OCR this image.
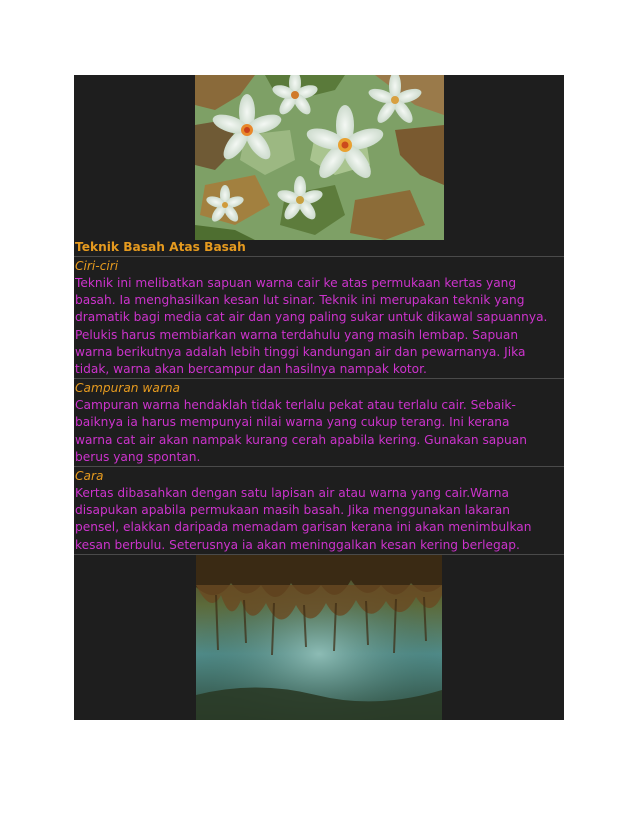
Teknik Basah Atas Basah
Ciri-ciri

Teknik ini melibatkan sapuan warna cair ke atas permukaan kertas yang
basah. Ia menghasilkan kesan lut sinar. Teknik ini merupakan teknik yang
dramatik bagi media cat air dan yang paling sukar untuk dikawal sapuannya.
Pelukis harus membiarkan warna terdahulu yang masih lembap. Sapuan
warna berikutnya adalah lebih tinggi kandungan air dan pewarnanya. Jika
tidak, warna akan bercampur dan hasilnya nampak kotor.

Campuran warna

Campuran warna hendaklah tidak terlalu pekat atau terlalu cair. Sebaik-
baiknya ia harus mempunyai nilai warna yang cukup terang. Ini kerana
warna cat air akan nampak kurang cerah apabila kering. Gunakan sapuan
berus yang spontan.

Cara

Kertas dibasahkan dengan satu lapisan air atau warna yang cair.Warna
disapukan apabila permukaan masih basah. Jika menggunakan lakaran
pensel, elakkan daripada memadam garisan kerana ini akan menimbulkan
kesan berbulu. Seterusnya ia akan meninggalkan kesan kering berlegap.
